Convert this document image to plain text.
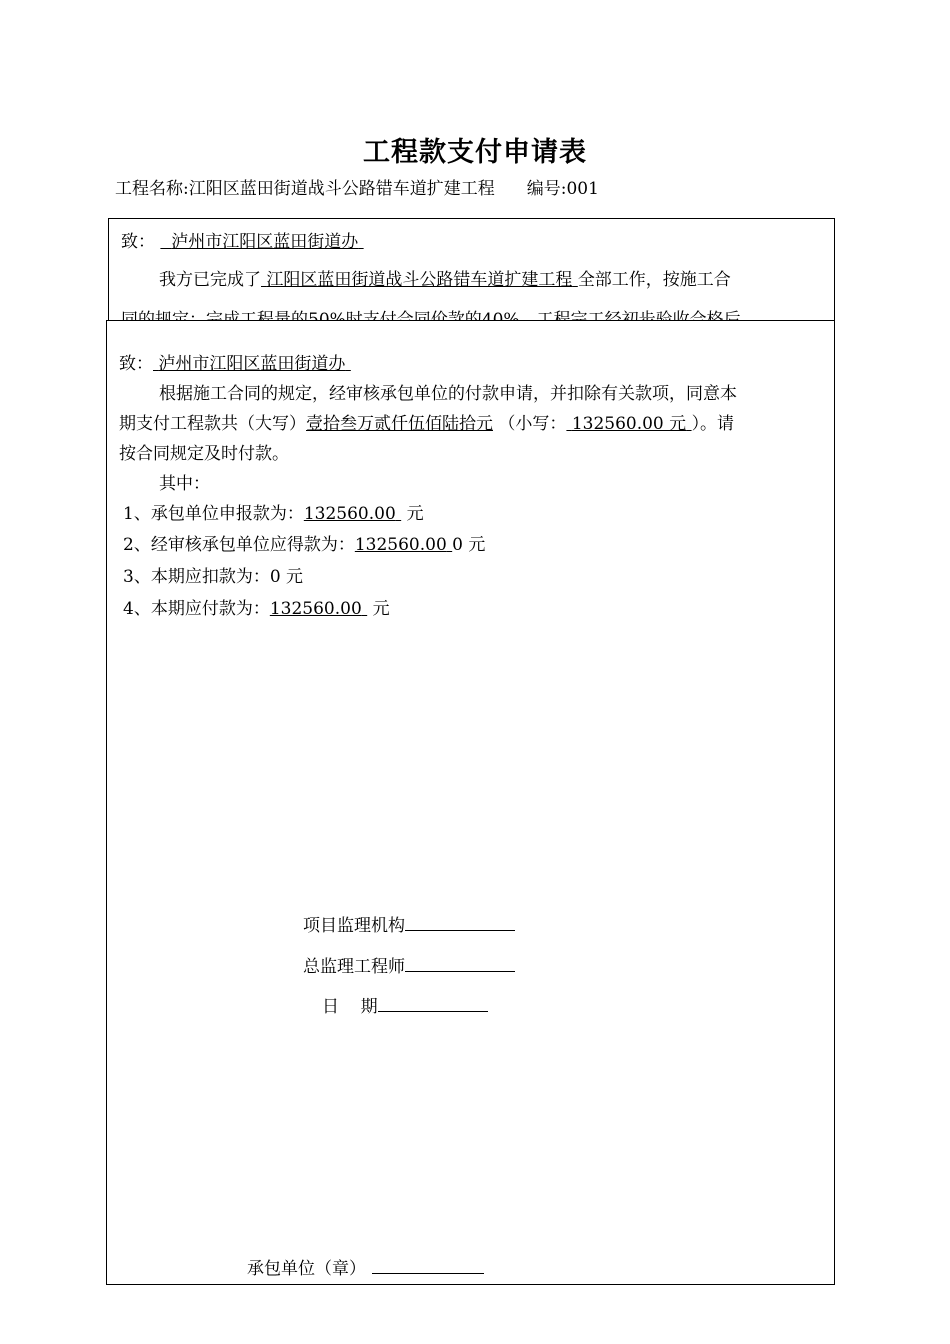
工程款支付申请表
工程名称:江阳区蓝田街道战斗公路错车道扩建工程 编号:001
致： 泸州市江阳区蓝田街道办
我方已完成了 江阳区蓝田街道战斗公路错车道扩建工程 全部工作，按施工合
致： 泸州市江阳区蓝田街道办
根据施工合同的规定，经审核承包单位的付款申请，并扣除有关款项，同意本
期支付工程款共（大写）壹拾叁万贰仟伍佰陆拾元 （小写： 132560.00 元 ）。请
按合同规定及时付款。
其中：
1、承包单位申报款为：132560.00 元
2、经审核承包单位应得款为：132560.00 0 元
3、本期应扣款为：0 元
4、本期应付款为：132560.00 元
项目监理机构
总监理工程师
日    期
承包单位（章）
